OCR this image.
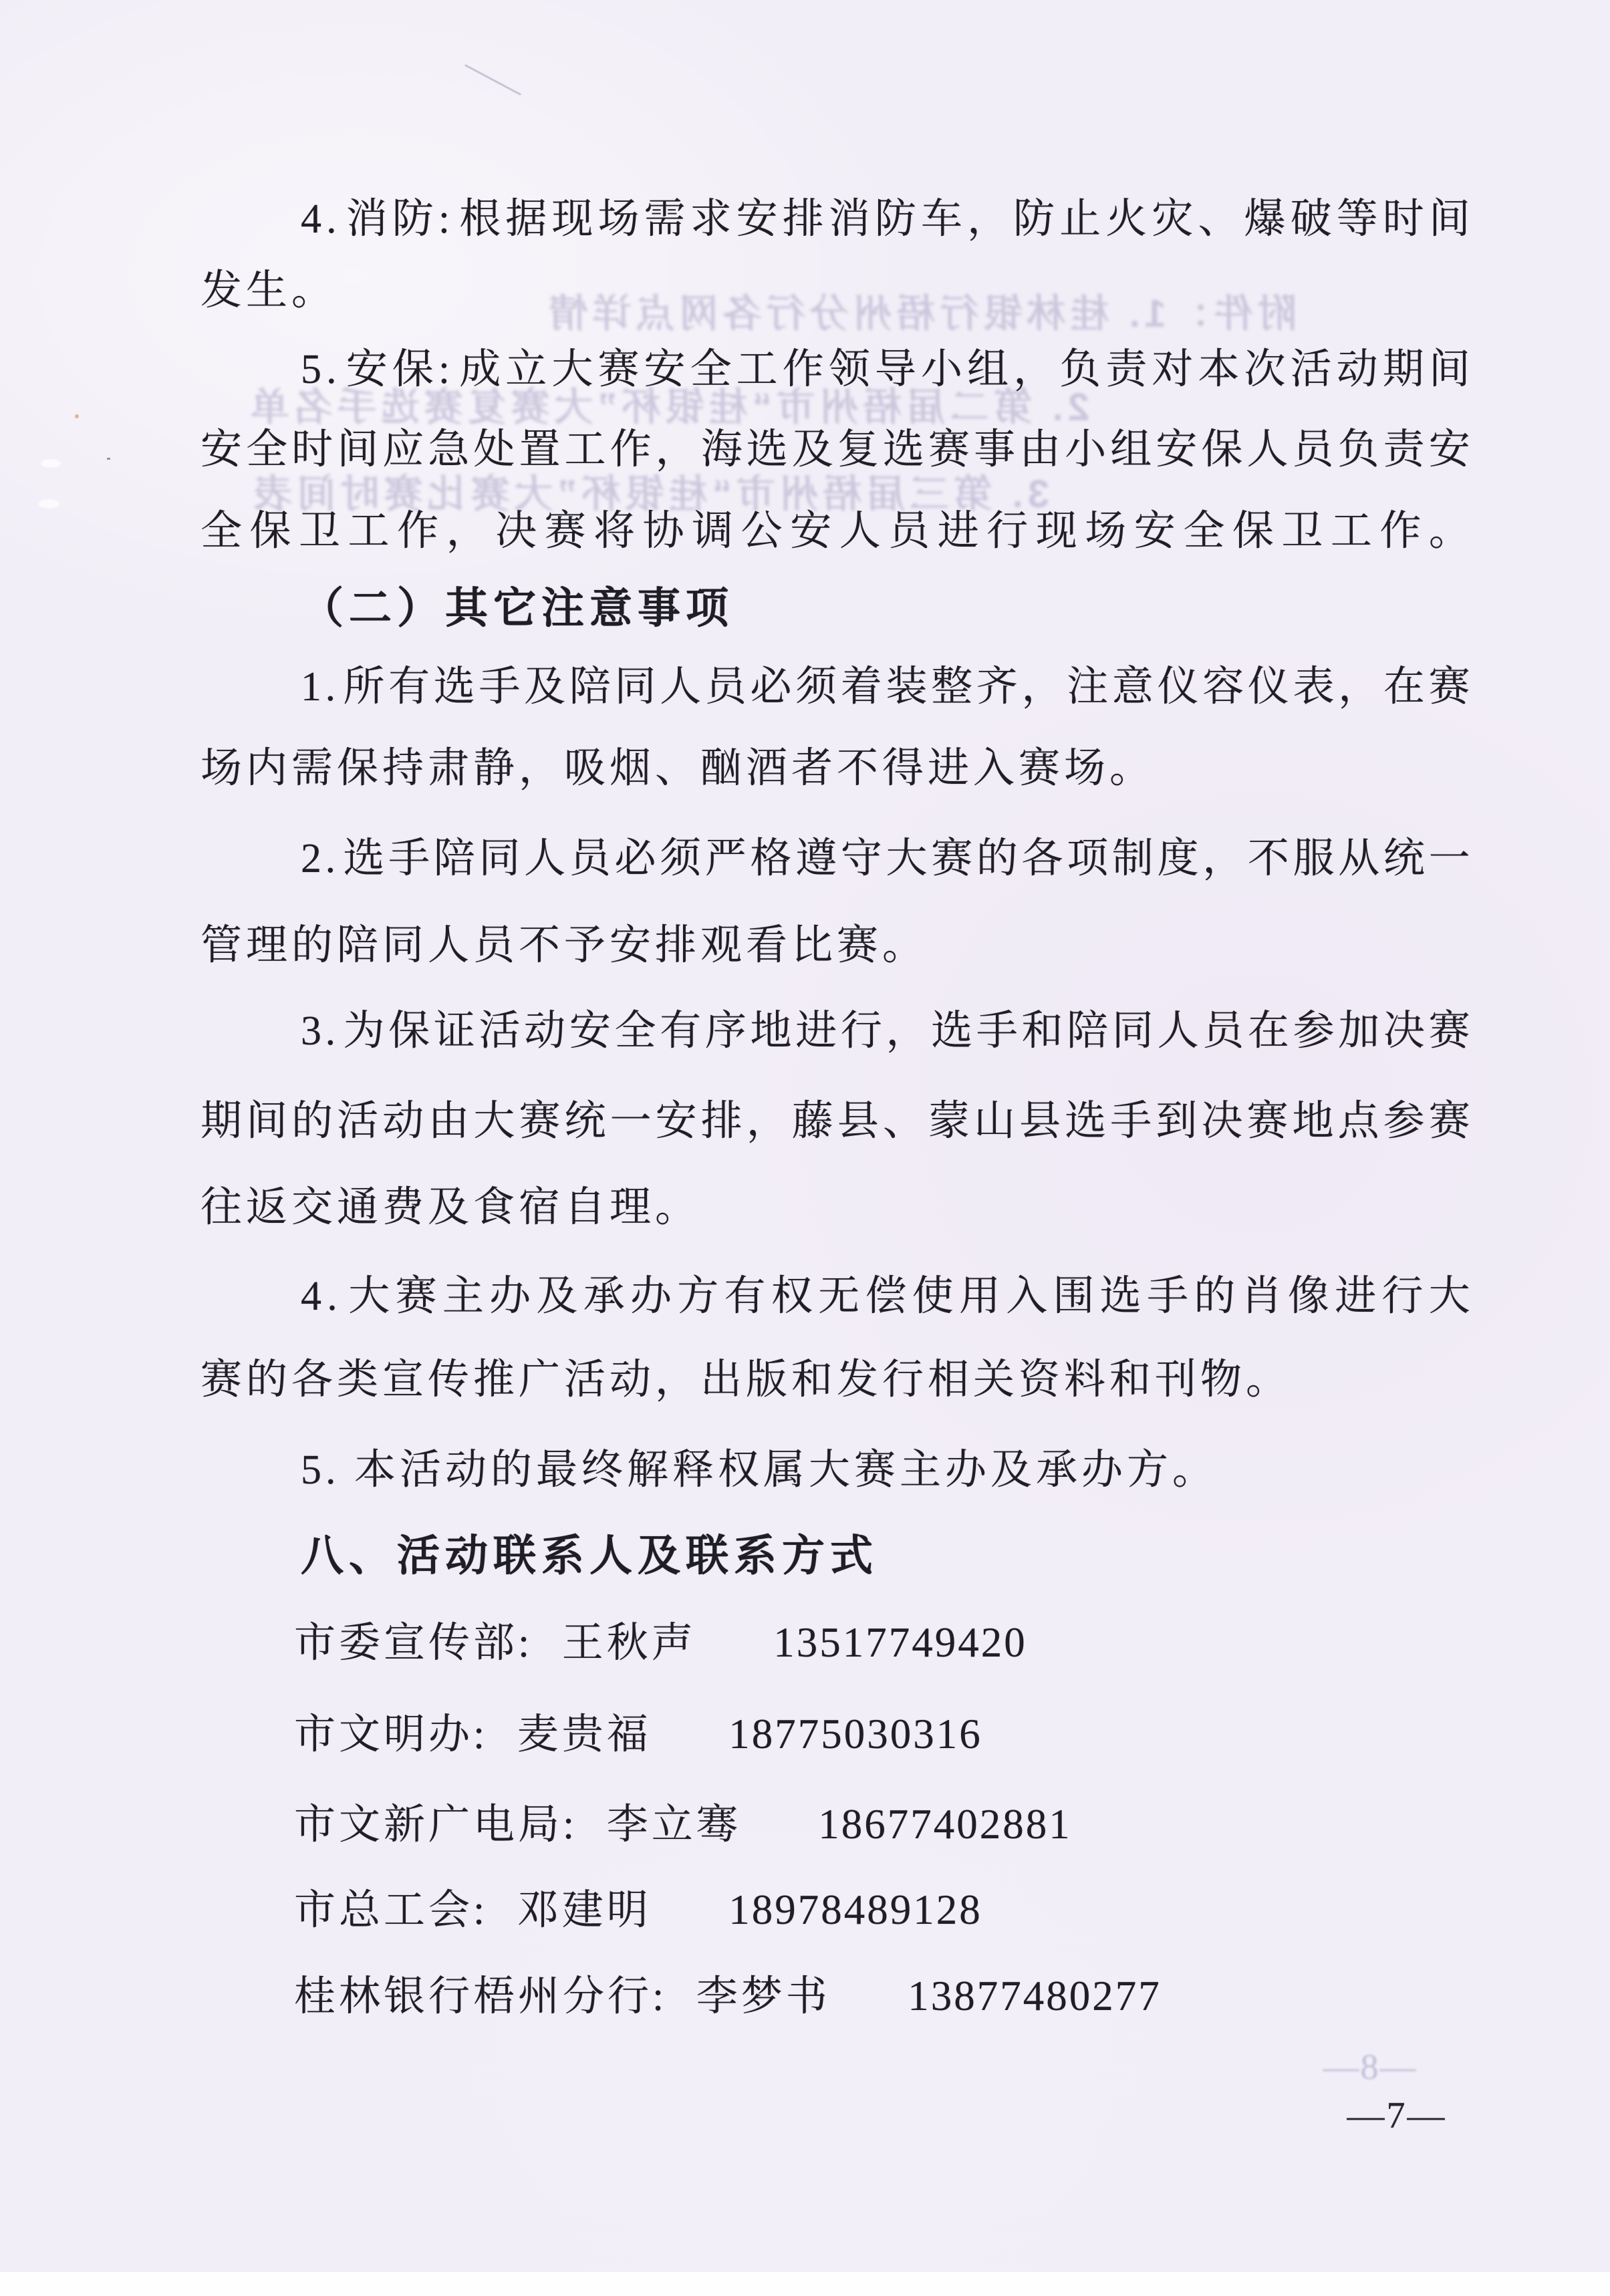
附件：1. 桂林银行梧州分行各网点详情
2. 第二届梧州市“桂银杯”大赛复赛选手名单
3. 第三届梧州市“桂银杯”大赛比赛时间表
—8—
4 . 消 防 : 根 据 现 场 需 求 安 排 消 防 车 ， 防 止 火 灾 、 爆 破 等 时 间
发生。
5 . 安 保 : 成 立 大 赛 安 全 工 作 领 导 小 组 ， 负 责 对 本 次 活 动 期 间
安 全 时 间 应 急 处 置 工 作 ， 海 选 及 复 选 赛 事 由 小 组 安 保 人 员 负 责 安
全 保 卫 工 作 ， 决 赛 将 协 调 公 安 人 员 进 行 现 场 安 全 保 卫 工 作 。
（二）其它注意事项
1 . 所 有 选 手 及 陪 同 人 员 必 须 着 装 整 齐 ， 注 意 仪 容 仪 表 ， 在 赛
场内需保持肃静，吸烟、酗酒者不得进入赛场。
2 . 选 手 陪 同 人 员 必 须 严 格 遵 守 大 赛 的 各 项 制 度 ， 不 服 从 统 一
管理的陪同人员不予安排观看比赛。
3 . 为 保 证 活 动 安 全 有 序 地 进 行 ， 选 手 和 陪 同 人 员 在 参 加 决 赛
期 间 的 活 动 由 大 赛 统 一 安 排 ， 藤 县 、 蒙 山 县 选 手 到 决 赛 地 点 参 赛
往返交通费及食宿自理。
4 . 大 赛 主 办 及 承 办 方 有 权 无 偿 使 用 入 围 选 手 的 肖 像 进 行 大
赛的各类宣传推广活动，出版和发行相关资料和刊物。
5. 本活动的最终解释权属大赛主办及承办方。
八、活动联系人及联系方式
市委宣传部: 王秋声 13517749420
市文明办: 麦贵福 18775030316
市文新广电局: 李立骞 18677402881
市总工会: 邓建明 18978489128
桂林银行梧州分行: 李梦书 13877480277
—7—
